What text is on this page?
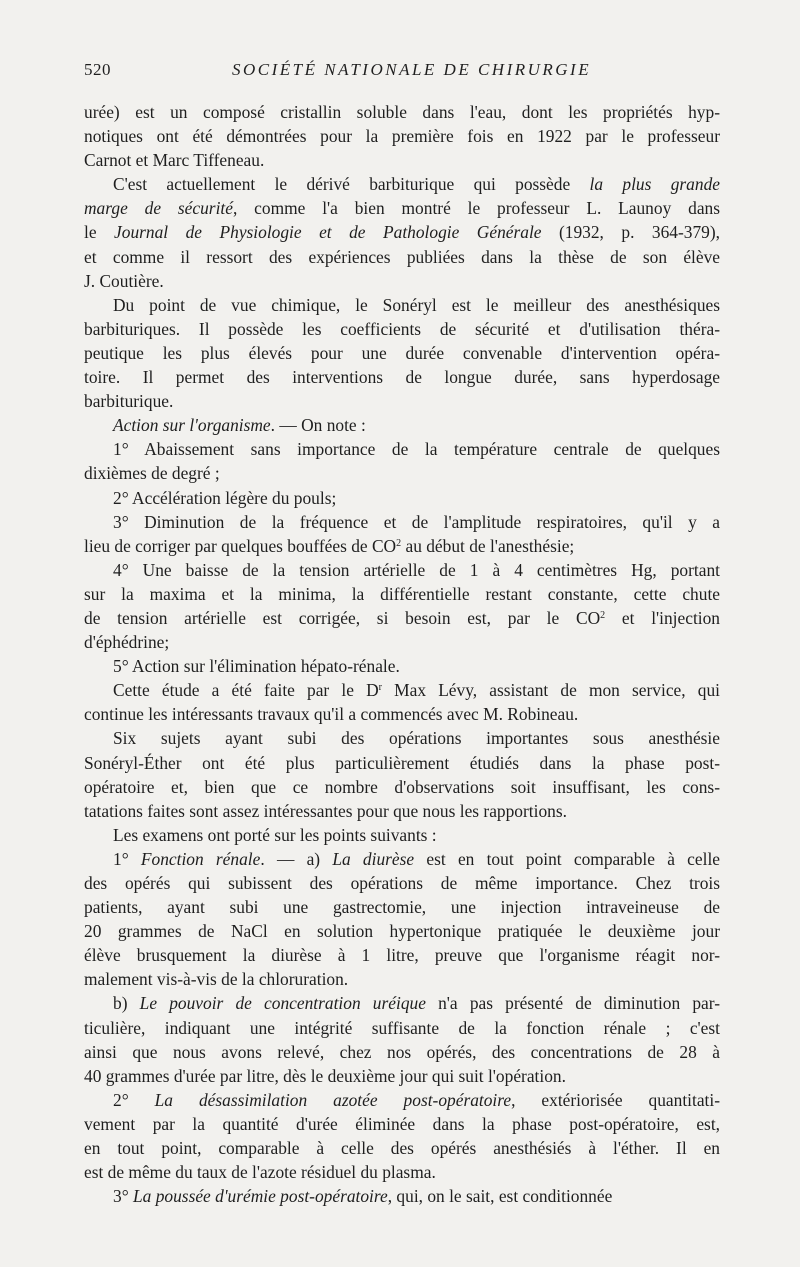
520	SOCIÉTÉ NATIONALE DE CHIRURGIE
urée) est un composé cristallin soluble dans l'eau, dont les propriétés hyp-
notiques ont été démontrées pour la première fois en 1922 par le professeur
Carnot et Marc Tiffeneau.
C'est actuellement le dérivé barbiturique qui possède la plus grande
marge de sécurité, comme l'a bien montré le professeur L. Launoy dans
le Journal de Physiologie et de Pathologie Générale (1932, p. 364-379),
et comme il ressort des expériences publiées dans la thèse de son élève
J. Coutière.
Du point de vue chimique, le Sonéryl est le meilleur des anesthésiques
barbituriques. Il possède les coefficients de sécurité et d'utilisation théra-
peutique les plus élevés pour une durée convenable d'intervention opéra-
toire. Il permet des interventions de longue durée, sans hyperdosage
barbiturique.
Action sur l'organisme. — On note :
1° Abaissement sans importance de la température centrale de quelques
dixièmes de degré ;
2° Accélération légère du pouls;
3° Diminution de la fréquence et de l'amplitude respiratoires, qu'il y a
lieu de corriger par quelques bouffées de $CO^2$ au début de l'anesthésie;
4° Une baisse de la tension artérielle de 1 à 4 centimètres Hg, portant
sur la maxima et la minima, la différentielle restant constante, cette chute
de tension artérielle est corrigée, si besoin est, par le $CO^2$ et l'injection
d'éphédrine;
5° Action sur l'élimination hépato-rénale.
Cette étude a été faite par le $D^r$ Max Lévy, assistant de mon service, qui
continue les intéressants travaux qu'il a commencés avec M. Robineau.
Six sujets ayant subi des opérations importantes sous anesthésie
Sonéryl-Éther ont été plus particulièrement étudiés dans la phase post-
opératoire et, bien que ce nombre d'observations soit insuffisant, les cons-
tatations faites sont assez intéressantes pour que nous les rapportions.
Les examens ont porté sur les points suivants :
1° Fonction rénale. — a) La diurèse est en tout point comparable à celle
des opérés qui subissent des opérations de même importance. Chez trois
patients, ayant subi une gastrectomie, une injection intraveineuse de
20 grammes de NaCl en solution hypertonique pratiquée le deuxième jour
élève brusquement la diurèse à 1 litre, preuve que l'organisme réagit nor-
malement vis-à-vis de la chloruration.
b) Le pouvoir de concentration uréique n'a pas présenté de diminution par-
ticulière, indiquant une intégrité suffisante de la fonction rénale ; c'est
ainsi que nous avons relevé, chez nos opérés, des concentrations de 28 à
40 grammes d'urée par litre, dès le deuxième jour qui suit l'opération.
2° La désassimilation azotée post-opératoire, extériorisée quantitati-
vement par la quantité d'urée éliminée dans la phase post-opératoire, est,
en tout point, comparable à celle des opérés anesthésiés à l'éther. Il en
est de même du taux de l'azote résiduel du plasma.
3° La poussée d'urémie post-opératoire, qui, on le sait, est conditionnée
